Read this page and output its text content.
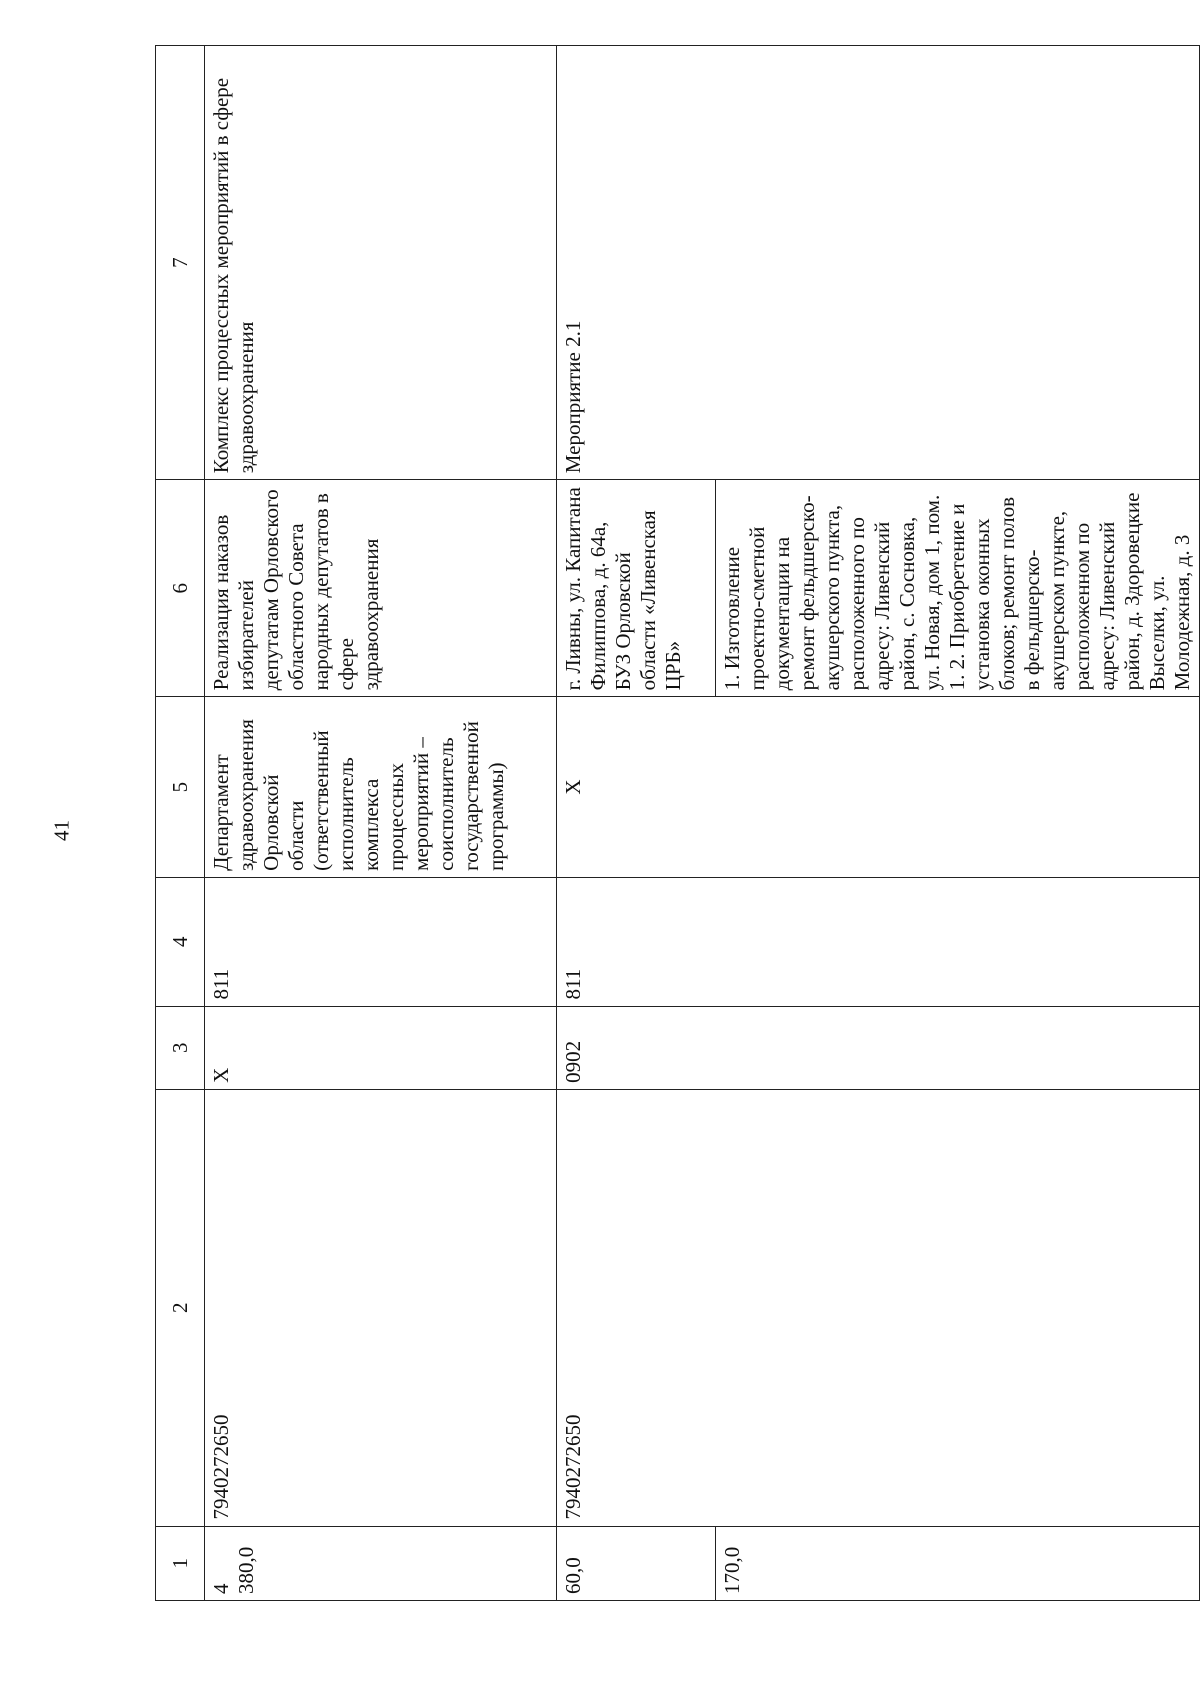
41
1	2	3	4	5	6	7
4 380,0	7940272650	Х	811	Департамент здравоохранения Орловской области (ответственный исполнитель комплекса процессных мероприятий – соисполнитель государственной программы)	Реализация наказов избирателей депутатам Орловского областного Совета народных депутатов в сфере здравоохранения	Комплекс процессных мероприятий в сфере здравоохранения
60,0	7940272650	0902	811	Х	г. Ливны, ул. Капитана Филиппова, д. 64а, БУЗ Орловской области «Ливенская ЦРБ»	Мероприятие 2.1
170,0					1. Изготовление проектно-сметной документации на ремонт фельдшерско-акушерского пункта, расположенного по адресу: Ливенский район, с. Сосновка, ул. Новая, дом 1, пом. 1. 2. Приобретение и установка оконных блоков; ремонт полов в фельдшерско-акушерском пункте, расположенном по адресу: Ливенский район, д. Здоровецкие Выселки, ул. Молодежная, д. 3	
